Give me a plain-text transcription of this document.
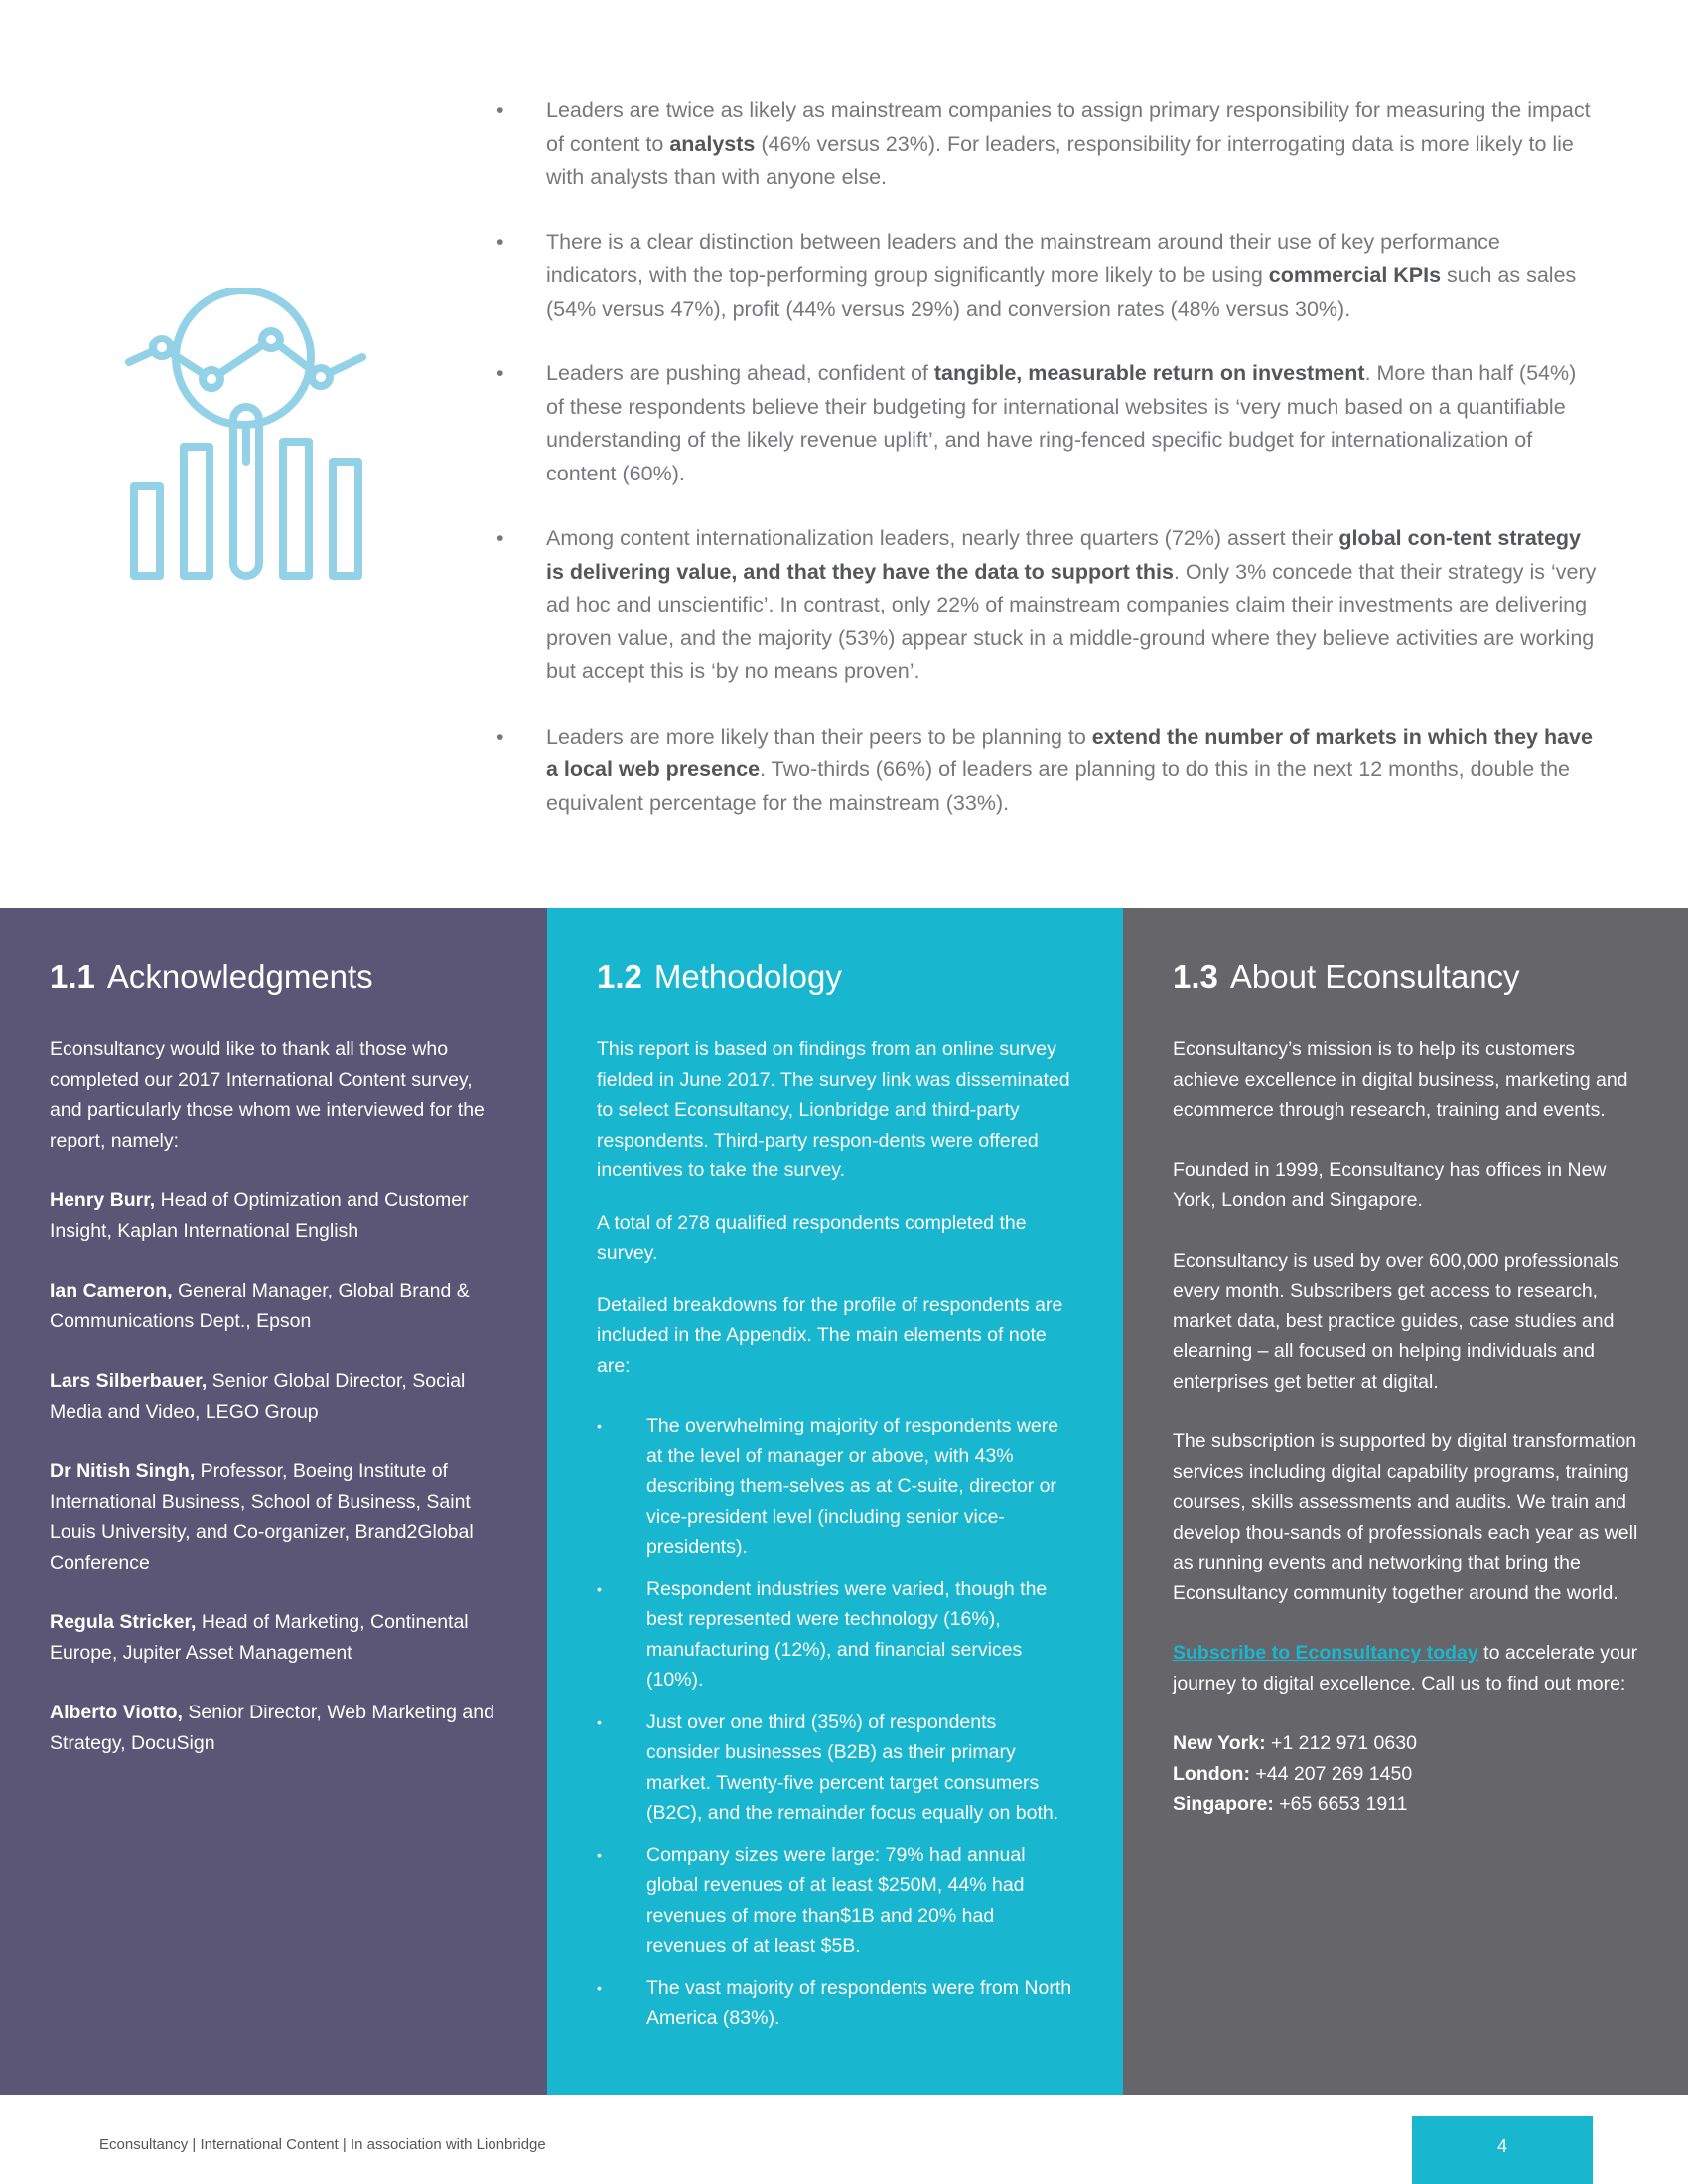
• Leaders are twice as likely as mainstream companies to assign primary responsibility for measuring the impact of content to analysts (46% versus 23%). For leaders, responsibility for interrogating data is more likely to lie with analysts than with anyone else.
• There is a clear distinction between leaders and the mainstream around their use of key performance indicators, with the top-performing group significantly more likely to be using commercial KPIs such as sales (54% versus 47%), profit (44% versus 29%) and conversion rates (48% versus 30%).
• Leaders are pushing ahead, confident of tangible, measurable return on investment. More than half (54%) of these respondents believe their budgeting for international websites is ‘very much based on a quantifiable understanding of the likely revenue uplift’, and have ring-fenced specific budget for internationalization of content (60%).
• Among content internationalization leaders, nearly three quarters (72%) assert their global con-tent strategy is delivering value, and that they have the data to support this. Only 3% concede that their strategy is ‘very ad hoc and unscientific’. In contrast, only 22% of mainstream companies claim their investments are delivering proven value, and the majority (53%) appear stuck in a middle-ground where they believe activities are working but accept this is ‘by no means proven’.
• Leaders are more likely than their peers to be planning to extend the number of markets in which they have a local web presence. Two-thirds (66%) of leaders are planning to do this in the next 12 months, double the equivalent percentage for the mainstream (33%).
1.1 Acknowledgments

Econsultancy would like to thank all those who completed our 2017 International Content survey, and particularly those whom we interviewed for the report, namely:

Henry Burr, Head of Optimization and Customer Insight, Kaplan International English

Ian Cameron, General Manager, Global Brand & Communications Dept., Epson

Lars Silberbauer, Senior Global Director, Social Media and Video, LEGO Group

Dr Nitish Singh, Professor, Boeing Institute of International Business, School of Business, Saint Louis University, and Co-organizer, Brand2Global Conference

Regula Stricker, Head of Marketing, Continental Europe, Jupiter Asset Management

Alberto Viotto, Senior Director, Web Marketing and Strategy, DocuSign

1.2 Methodology

This report is based on findings from an online survey fielded in June 2017. The survey link was disseminated to select Econsultancy, Lionbridge and third-party respondents. Third-party respon-dents were offered incentives to take the survey.

A total of 278 qualified respondents completed the survey.

Detailed breakdowns for the profile of respondents are included in the Appendix. The main elements of note are:

• The overwhelming majority of respondents were at the level of manager or above, with 43% describing them-selves as at C-suite, director or vice-president level (including senior vice- presidents).
• Respondent industries were varied, though the best represented were technology (16%), manufacturing (12%), and financial services (10%).
• Just over one third (35%) of respondents consider businesses (B2B) as their primary market. Twenty-five percent target consumers (B2C), and the remainder focus equally on both.
• Company sizes were large: 79% had annual global revenues of at least $250M, 44% had revenues of more than$1B and 20% had revenues of at least $5B.
• The vast majority of respondents were from North America (83%).
1.3 About Econsultancy

Econsultancy’s mission is to help its customers achieve excellence in digital business, marketing and ecommerce through research, training and events.

Founded in 1999, Econsultancy has offices in New York, London and Singapore.

Econsultancy is used by over 600,000 professionals every month. Subscribers get access to research, market data, best practice guides, case studies and elearning – all focused on helping individuals and enterprises get better at digital.

The subscription is supported by digital transformation services including digital capability programs, training courses, skills assessments and audits. We train and develop thou-sands of professionals each year as well as running events and networking that bring the Econsultancy community together around the world.

Subscribe to Econsultancy today to accelerate your journey to digital excellence. Call us to find out more:

New York: +1 212 971 0630
London: +44 207 269 1450
Singapore: +65 6653 1911
Econsultancy | International Content | In association with Lionbridge	4
